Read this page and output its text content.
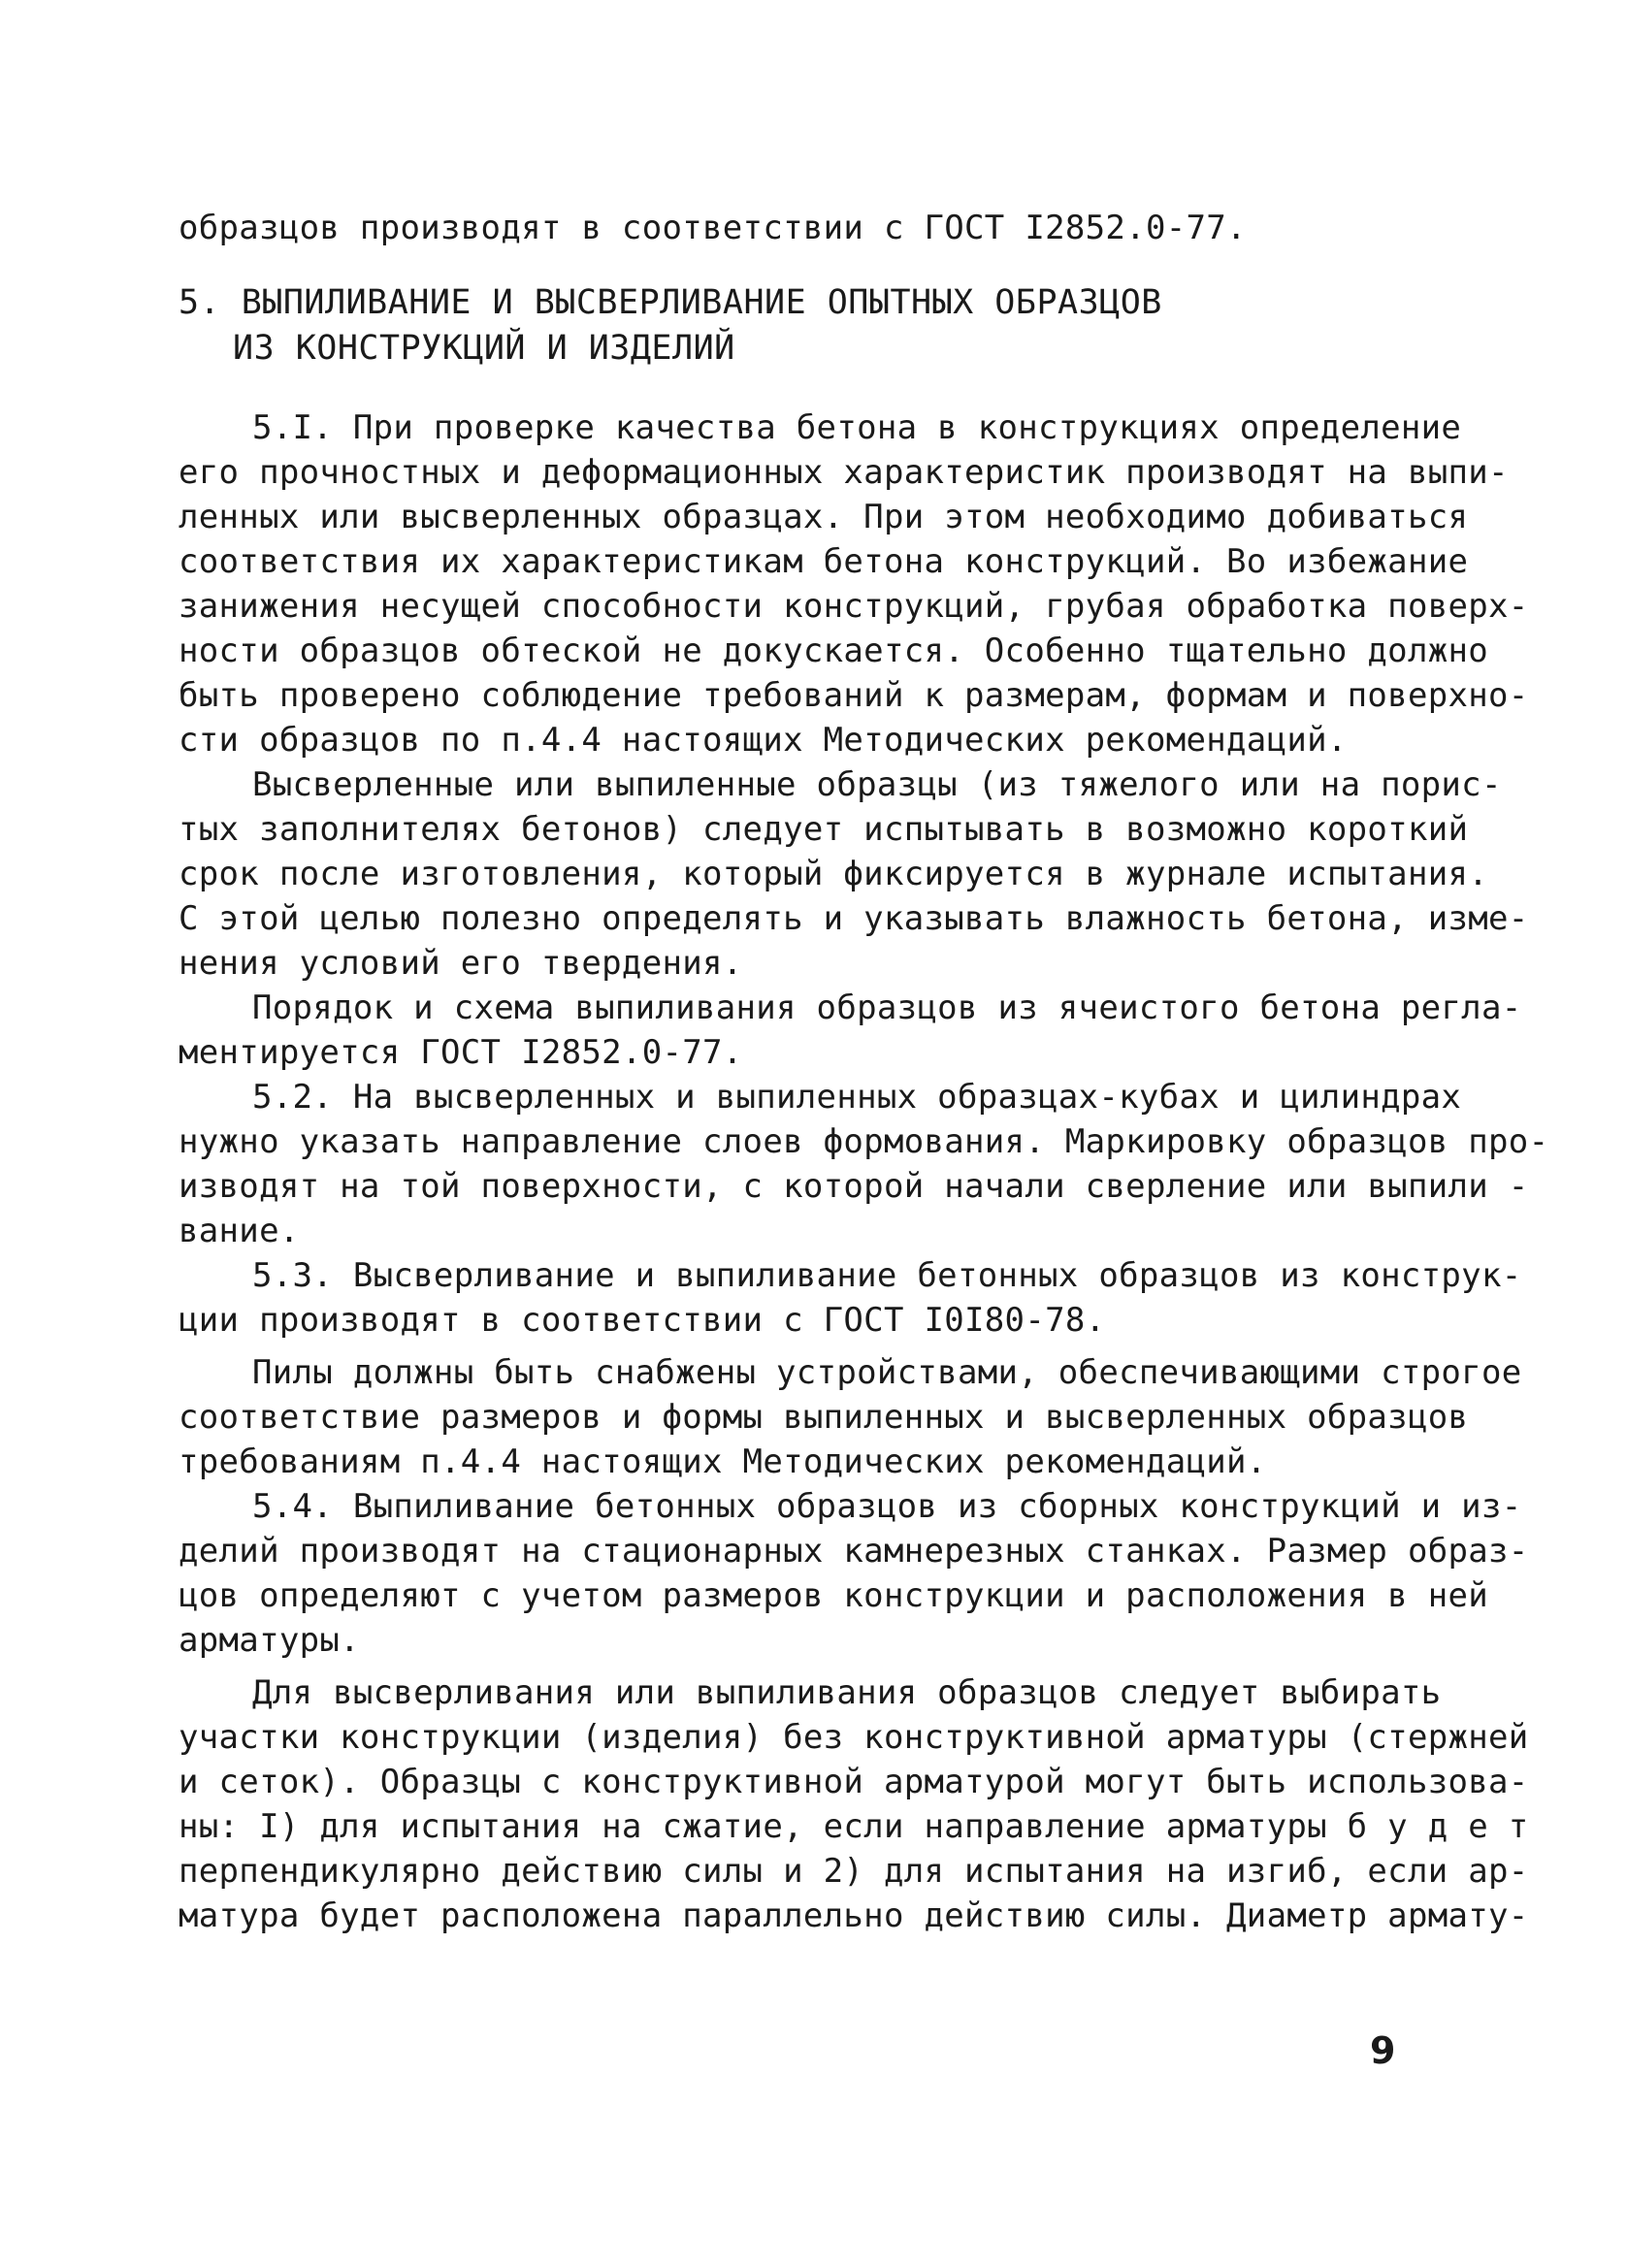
образцов производят в соответствии с ГОСТ I2852.0-77.
5. ВЫПИЛИВАНИЕ И ВЫСВЕРЛИВАНИЕ ОПЫТНЫХ ОБРАЗЦОВ
ИЗ КОНСТРУКЦИЙ И ИЗДЕЛИЙ
5.I. При проверке качества бетона в конструкциях определение
его прочностных и деформационных характеристик производят на выпи-
ленных или высверленных образцах. При этом необходимо добиваться
соответствия их характеристикам бетона конструкций. Во избежание
занижения несущей способности конструкций, грубая обработка поверх-
ности образцов обтеской не докускается. Особенно тщательно должно
быть проверено соблюдение требований к размерам, формам и поверхно-
сти образцов по п.4.4 настоящих Методических рекомендаций.
Высверленные или выпиленные образцы (из тяжелого или на порис-
тых заполнителях бетонов) следует испытывать в возможно короткий
срок после изготовления, который фиксируется в журнале испытания.
С этой целью полезно определять и указывать влажность бетона, изме-
нения условий его твердения.
Порядок и схема выпиливания образцов из ячеистого бетона регла-
ментируется ГОСТ I2852.0-77.
5.2. На высверленных и выпиленных образцах-кубах и цилиндрах
нужно указать направление слоев формования. Маркировку образцов про-
изводят на той поверхности, с которой начали сверление или выпили -
вание.
5.3. Высверливание и выпиливание бетонных образцов из конструк-
ции производят в соответствии с ГОСТ I0I80-78.
Пилы должны быть снабжены устройствами, обеспечивающими строгое
соответствие размеров и формы выпиленных и высверленных образцов
требованиям п.4.4 настоящих Методических рекомендаций.
5.4. Выпиливание бетонных образцов из сборных конструкций и из-
делий производят на стационарных камнерезных станках. Размер образ-
цов определяют с учетом размеров конструкции и расположения в ней
арматуры.
Для высверливания или выпиливания образцов следует выбирать
участки конструкции (изделия) без конструктивной арматуры (стержней
и сеток). Образцы с конструктивной арматурой могут быть использова-
ны: I) для испытания на сжатие, если направление арматуры б у д е т
перпендикулярно действию силы и 2) для испытания на изгиб, если ар-
матура будет расположена параллельно действию силы. Диаметр армату-
9
